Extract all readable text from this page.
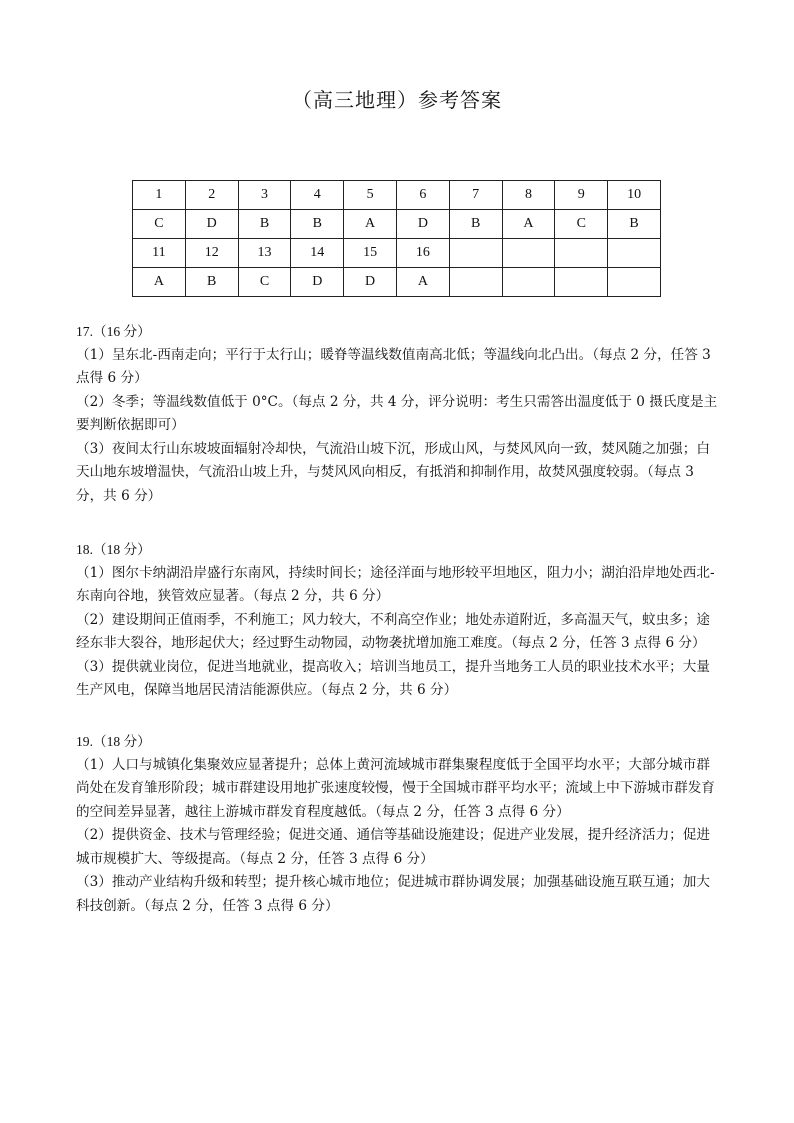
（高三地理）参考答案
1	2	3	4	5	6	7	8	9	10
C	D	B	B	A	D	B	A	C	B
11	12	13	14	15	16				
A	B	C	D	D	A				

17.（16 分）

（1）呈东北-西南走向；平行于太行山；暖脊等温线数值南高北低；等温线向北凸出。（每点 2 分，任答 3 点得 6 分）

（2）冬季；等温线数值低于 0°C。（每点 2 分，共 4 分，评分说明：考生只需答出温度低于 0 摄氏度是主要判断依据即可）

（3）夜间太行山东坡坡面辐射冷却快，气流沿山坡下沉，形成山风，与焚风风向一致，焚风随之加强；白天山地东坡增温快，气流沿山坡上升，与焚风风向相反，有抵消和抑制作用，故焚风强度较弱。（每点 3 分，共 6 分）

18.（18 分）

（1）图尔卡纳湖沿岸盛行东南风，持续时间长；途径洋面与地形较平坦地区，阻力小；湖泊沿岸地处西北-东南向谷地，狭管效应显著。（每点 2 分，共 6 分）

（2）建设期间正值雨季，不利施工；风力较大，不利高空作业；地处赤道附近，多高温天气，蚊虫多；途经东非大裂谷，地形起伏大；经过野生动物园，动物袭扰增加施工难度。（每点 2 分，任答 3 点得 6 分）

（3）提供就业岗位，促进当地就业，提高收入；培训当地员工，提升当地务工人员的职业技术水平；大量生产风电，保障当地居民清洁能源供应。（每点 2 分，共 6 分）

19.（18 分）

（1）人口与城镇化集聚效应显著提升；总体上黄河流域城市群集聚程度低于全国平均水平；大部分城市群尚处在发育雏形阶段；城市群建设用地扩张速度较慢，慢于全国城市群平均水平；流域上中下游城市群发育的空间差异显著，越往上游城市群发育程度越低。（每点 2 分，任答 3 点得 6 分）

（2）提供资金、技术与管理经验；促进交通、通信等基础设施建设；促进产业发展，提升经济活力；促进城市规模扩大、等级提高。（每点 2 分，任答 3 点得 6 分）

（3）推动产业结构升级和转型；提升核心城市地位；促进城市群协调发展；加强基础设施互联互通；加大科技创新。（每点 2 分，任答 3 点得 6 分）
